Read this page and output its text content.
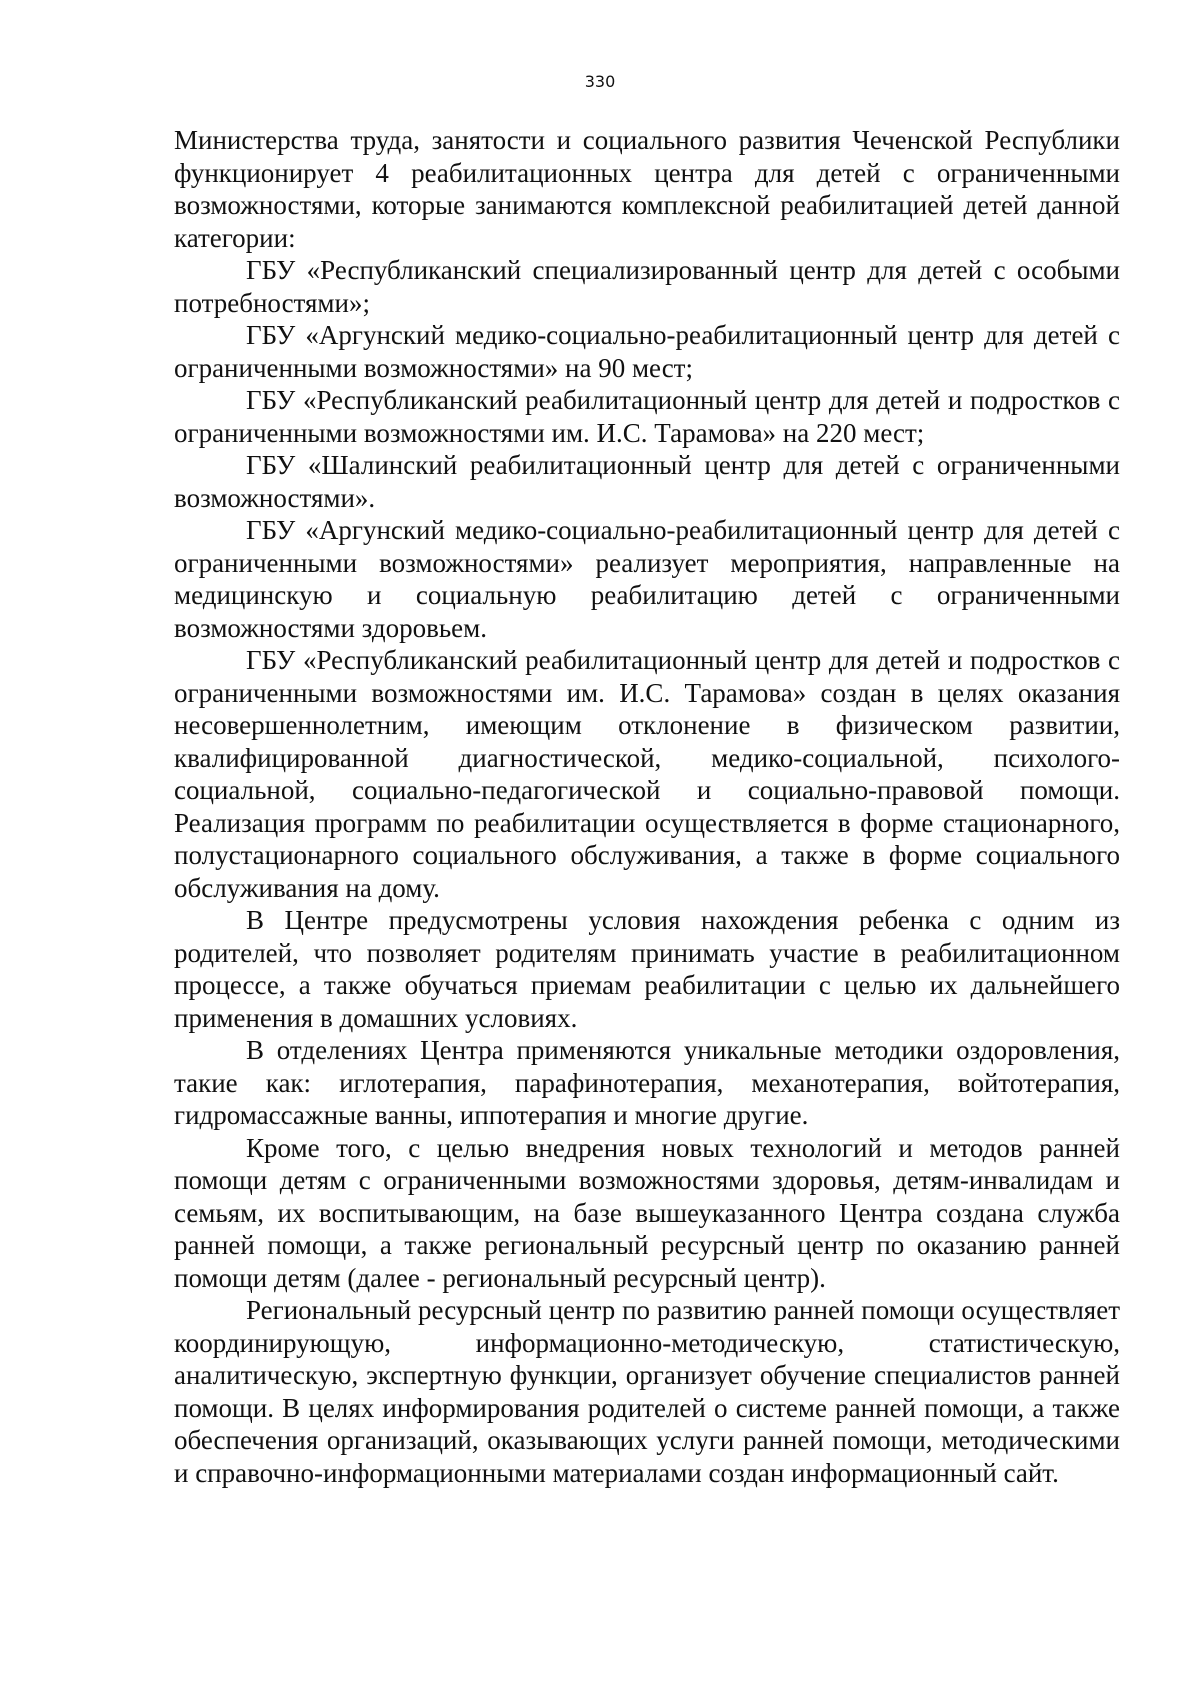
330

Министерства труда, занятости и социального развития Чеченской Республики функционирует 4 реабилитационных центра для детей с ограниченными возможностями, которые занимаются комплексной реабилитацией детей данной категории:

ГБУ «Республиканский специализированный центр для детей с особыми потребностями»;

ГБУ «Аргунский медико-социально-реабилитационный центр для детей с ограниченными возможностями» на 90 мест;

ГБУ «Республиканский реабилитационный центр для детей и подростков с ограниченными возможностями им. И.С. Тарамова» на 220 мест;

ГБУ «Шалинский реабилитационный центр для детей с ограниченными возможностями».

ГБУ «Аргунский медико-социально-реабилитационный центр для детей с ограниченными возможностями» реализует мероприятия, направленные на медицинскую и социальную реабилитацию детей с ограниченными возможностями здоровьем.

ГБУ «Республиканский реабилитационный центр для детей и подростков с ограниченными возможностями им. И.С. Тарамова» создан в целях оказания несовершеннолетним, имеющим отклонение в физическом развитии, квалифицированной диагностической, медико-социальной, психолого-социальной, социально-педагогической и социально-правовой помощи. Реализация программ по реабилитации осуществляется в форме стационарного, полустационарного социального обслуживания, а также в форме социального обслуживания на дому.

В Центре предусмотрены условия нахождения ребенка с одним из родителей, что позволяет родителям принимать участие в реабилитационном процессе, а также обучаться приемам реабилитации с целью их дальнейшего применения в домашних условиях.

В отделениях Центра применяются уникальные методики оздоровления, такие как: иглотерапия, парафинотерапия, механотерапия, войтотерапия, гидромассажные ванны, иппотерапия и многие другие.

Кроме того, с целью внедрения новых технологий и методов ранней помощи детям с ограниченными возможностями здоровья, детям-инвалидам и семьям, их воспитывающим, на базе вышеуказанного Центра создана служба ранней помощи, а также региональный ресурсный центр по оказанию ранней помощи детям (далее - региональный ресурсный центр).

Региональный ресурсный центр по развитию ранней помощи осуществляет координирующую, информационно-методическую, статистическую, аналитическую, экспертную функции, организует обучение специалистов ранней помощи. В целях информирования родителей о системе ранней помощи, а также обеспечения организаций, оказывающих услуги ранней помощи, методическими и справочно-информационными материалами создан информационный сайт.
